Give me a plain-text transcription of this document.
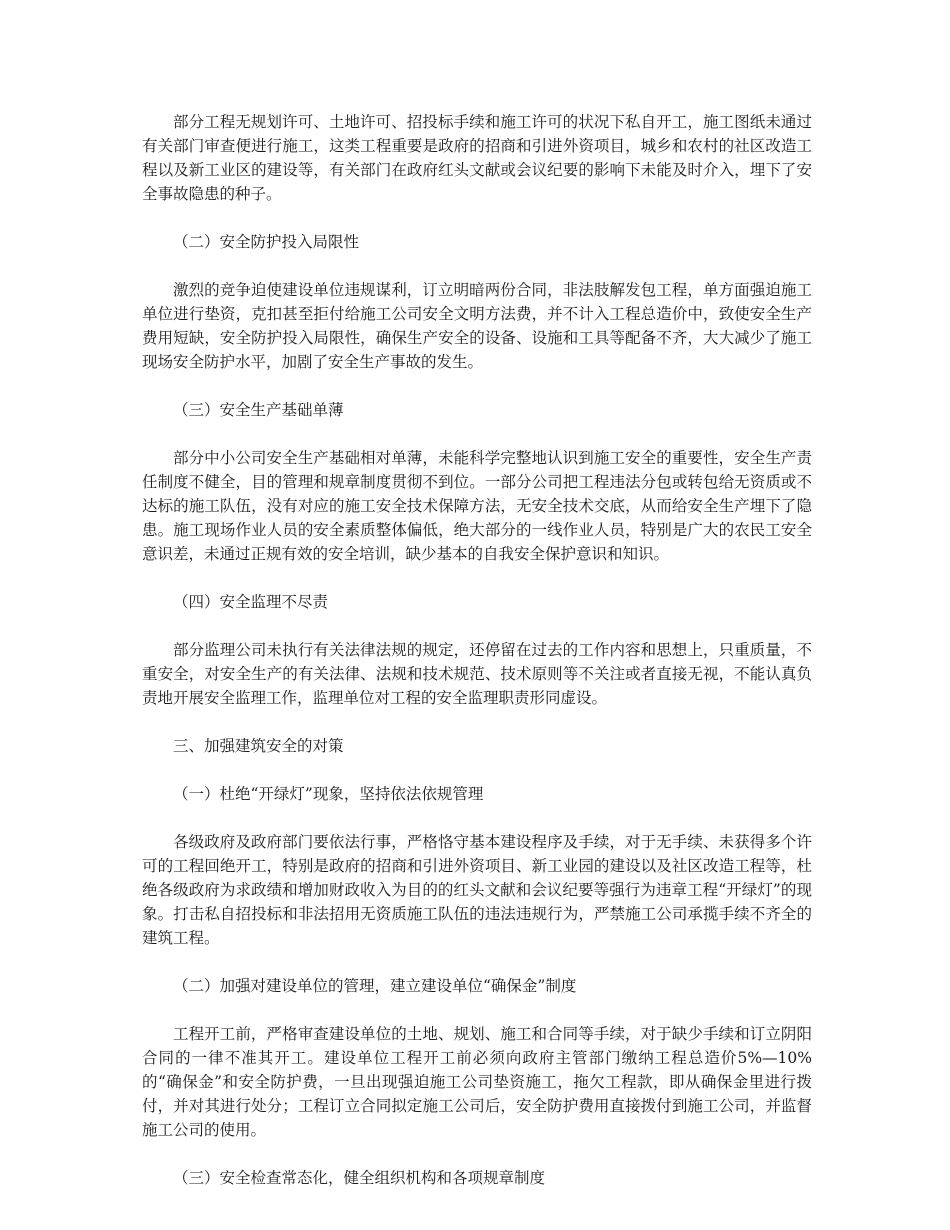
部分工程无规划许可、土地许可、招投标手续和施工许可的状况下私自开工，施工图纸未通过有关部门审查便进行施工，这类工程重要是政府的招商和引进外资项目，城乡和农村的社区改造工程以及新工业区的建设等，有关部门在政府红头文献或会议纪要的影响下未能及时介入，埋下了安全事故隐患的种子。

（二）安全防护投入局限性

激烈的竞争迫使建设单位违规谋利，订立明暗两份合同，非法肢解发包工程，单方面强迫施工单位进行垫资，克扣甚至拒付给施工公司安全文明方法费，并不计入工程总造价中，致使安全生产费用短缺，安全防护投入局限性，确保生产安全的设备、设施和工具等配备不齐，大大减少了施工现场安全防护水平，加剧了安全生产事故的发生。

（三）安全生产基础单薄

部分中小公司安全生产基础相对单薄，未能科学完整地认识到施工安全的重要性，安全生产责任制度不健全，目的管理和规章制度贯彻不到位。一部分公司把工程违法分包或转包给无资质或不达标的施工队伍，没有对应的施工安全技术保障方法，无安全技术交底，从而给安全生产埋下了隐患。施工现场作业人员的安全素质整体偏低，绝大部分的一线作业人员，特别是广大的农民工安全意识差，未通过正规有效的安全培训，缺少基本的自我安全保护意识和知识。

（四）安全监理不尽责

部分监理公司未执行有关法律法规的规定，还停留在过去的工作内容和思想上，只重质量，不重安全，对安全生产的有关法律、法规和技术规范、技术原则等不关注或者直接无视，不能认真负责地开展安全监理工作，监理单位对工程的安全监理职责形同虚设。

三、加强建筑安全的对策

（一）杜绝“开绿灯”现象，坚持依法依规管理

各级政府及政府部门要依法行事，严格恪守基本建设程序及手续，对于无手续、未获得多个许可的工程回绝开工，特别是政府的招商和引进外资项目、新工业园的建设以及社区改造工程等，杜绝各级政府为求政绩和增加财政收入为目的的红头文献和会议纪要等强行为违章工程“开绿灯”的现象。打击私自招投标和非法招用无资质施工队伍的违法违规行为，严禁施工公司承揽手续不齐全的建筑工程。

（二）加强对建设单位的管理，建立建设单位“确保金”制度

工程开工前，严格审查建设单位的土地、规划、施工和合同等手续，对于缺少手续和订立阴阳合同的一律不准其开工。建设单位工程开工前必须向政府主管部门缴纳工程总造价5%—10%的“确保金”和安全防护费，一旦出现强迫施工公司垫资施工，拖欠工程款，即从确保金里进行拨付，并对其进行处分；工程订立合同拟定施工公司后，安全防护费用直接拨付到施工公司，并监督施工公司的使用。

（三）安全检查常态化，健全组织机构和各项规章制度
